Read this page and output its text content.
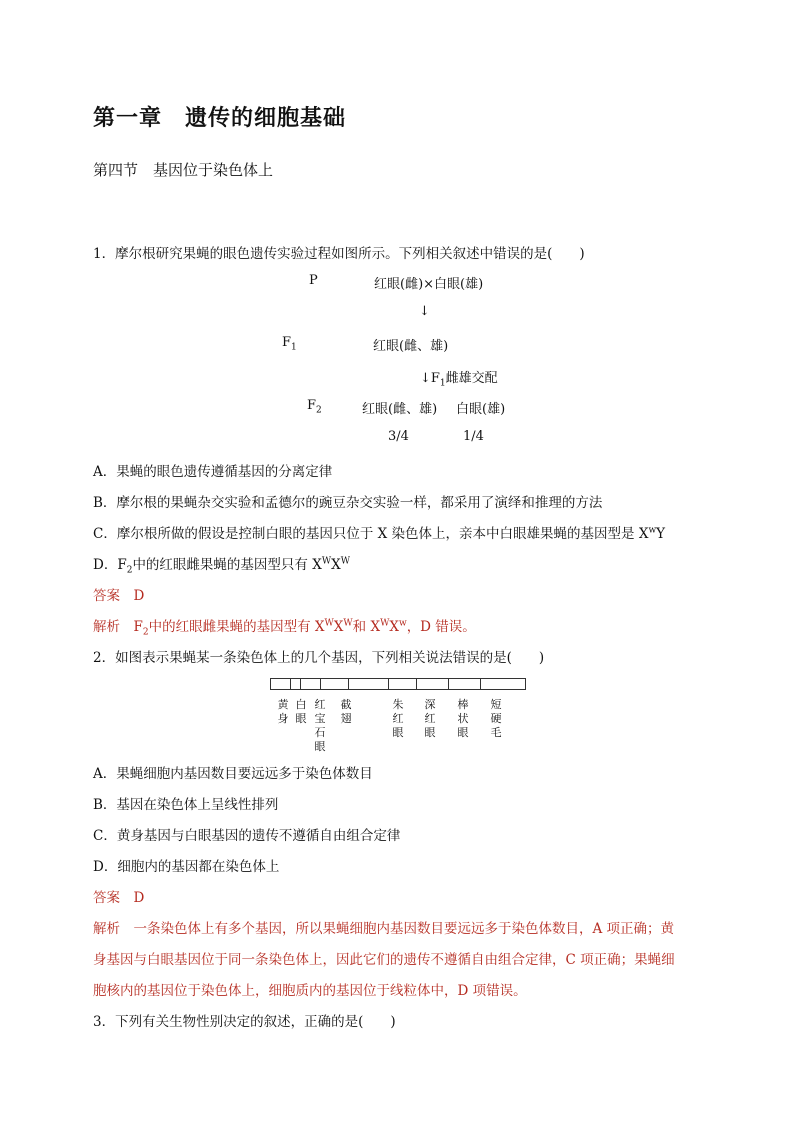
第一章　遗传的细胞基础
第四节　基因位于染色体上
1．摩尔根研究果蝇的眼色遗传实验过程如图所示。下列相关叙述中错误的是(　　)
P	红眼(雌)×白眼(雄)
↓
$F_1$	红眼(雌、雄)
$↓F_1$雌雄交配
$F_2$	红眼(雌、雄) 白眼(雄)
3/4	1/4
A．果蝇的眼色遗传遵循基因的分离定律
B．摩尔根的果蝇杂交实验和孟德尔的豌豆杂交实验一样，都采用了演绎和推理的方法
C．摩尔根所做的假设是控制白眼的基因只位于 X 染色体上，亲本中白眼雄果蝇的基因型是 $X^wY$
D．$F_2$中的红眼雌果蝇的基因型只有 $X^WX^W$
答案　 D
解析　 $F_2$中的红眼雌果蝇的基因型有 $X^WX^W$和 $X^WX^w$，D 错误。
2．如图表示果蝇某一条染色体上的几个基因，下列相关说法错误的是(　　)
黄身
白眼
红宝石眼
截翅
朱红眼
深红眼
棒状眼
短硬毛
A．果蝇细胞内基因数目要远远多于染色体数目
B．基因在染色体上呈线性排列
C．黄身基因与白眼基因的遗传不遵循自由组合定律
D．细胞内的基因都在染色体上
答案　 D
解析　 一条染色体上有多个基因，所以果蝇细胞内基因数目要远远多于染色体数目，A 项正确；黄
身基因与白眼基因位于同一条染色体上，因此它们的遗传不遵循自由组合定律，C 项正确；果蝇细
胞核内的基因位于染色体上，细胞质内的基因位于线粒体中，D 项错误。
3．下列有关生物性别决定的叙述，正确的是(　　)
